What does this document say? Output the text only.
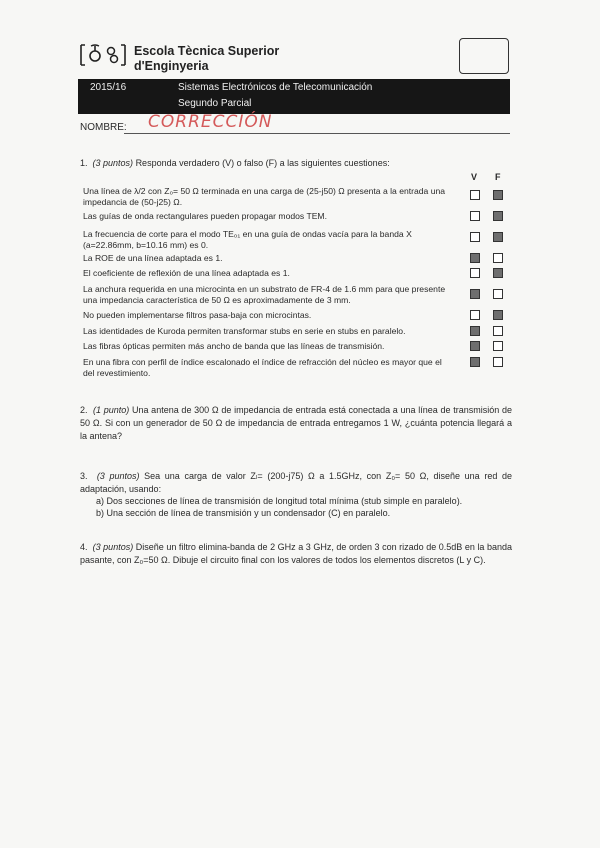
Escola Tècnica Superior
d'Enginyeria
2015/16	Sistemas Electrónicos de Telecomunicación
Segundo Parcial
NOMBRE: CORRECCIÓN
1.  (3 puntos) Responda verdadero (V) o falso (F) a las siguientes cuestiones:
V F
Una línea de λ/2 con Z₀= 50 Ω terminada en una carga de (25-j50) Ω presenta a la entrada una impedancia de (50-j25) Ω.
Las guías de onda rectangulares pueden propagar modos TEM.
La frecuencia de corte para el modo TE₀₁ en una guía de ondas vacía para la banda X (a=22.86mm, b=10.16 mm) es 0.
La ROE de una línea adaptada es 1.
El coeficiente de reflexión de una línea adaptada es 1.
La anchura requerida en una microcinta en un substrato de FR-4 de 1.6 mm para que presente una impedancia característica de 50 Ω es aproximadamente de 3 mm.
No pueden implementarse filtros pasa-baja con microcintas.
Las identidades de Kuroda permiten transformar stubs en serie en stubs en paralelo.
Las fibras ópticas permiten más ancho de banda que las líneas de transmisión.
En una fibra con perfil de índice escalonado el índice de refracción del núcleo es mayor que el del revestimiento.
2. (1 punto) Una antena de 300 Ω de impedancia de entrada está conectada a una línea de transmisión de 50 Ω. Si con un generador de 50 Ω de impedancia de entrada entregamos 1 W, ¿cuánta potencia llegará a la antena?
3. (3 puntos) Sea una carga de valor Zₗ= (200-j75) Ω a 1.5GHz, con Z₀= 50 Ω, diseñe una red de adaptación, usando:
a) Dos secciones de línea de transmisión de longitud total mínima (stub simple en paralelo).
b) Una sección de línea de transmisión y un condensador (C) en paralelo.
4. (3 puntos) Diseñe un filtro elimina-banda de 2 GHz a 3 GHz, de orden 3 con rizado de 0.5dB en la banda pasante, con Z₀=50 Ω. Dibuje el circuito final con los valores de todos los elementos discretos (L y C).
